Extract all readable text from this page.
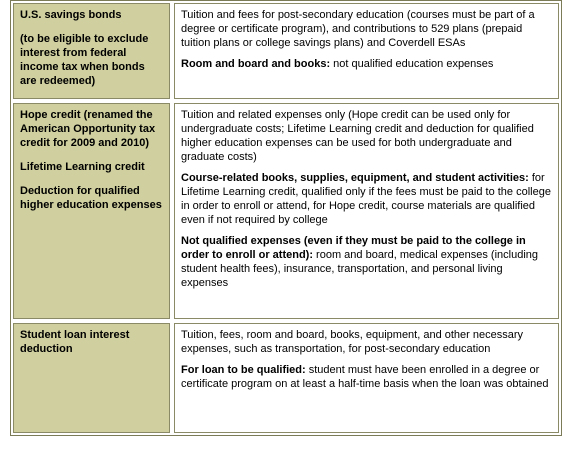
U.S. savings bonds

(to be eligible to exclude interest from federal income tax when bonds are redeemed)

Tuition and fees for post-secondary education (courses must be part of a degree or certificate program), and contributions to 529 plans (prepaid tuition plans or college savings plans) and Coverdell ESAs

Room and board and books: not qualified education expenses

Hope credit (renamed the American Opportunity tax credit for 2009 and 2010)

Lifetime Learning credit

Deduction for qualified higher education expenses

Tuition and related expenses only (Hope credit can be used only for undergraduate costs; Lifetime Learning credit and deduction for qualified higher education expenses can be used for both undergraduate and graduate costs)

Course-related books, supplies, equipment, and student activities: for Lifetime Learning credit, qualified only if the fees must be paid to the college in order to enroll or attend, for Hope credit, course materials are qualified even if not required by college

Not qualified expenses (even if they must be paid to the college in order to enroll or attend): room and board, medical expenses (including student health fees), insurance, transportation, and personal living expenses

Student loan interest deduction

Tuition, fees, room and board, books, equipment, and other necessary expenses, such as transportation, for post-secondary education

For loan to be qualified: student must have been enrolled in a degree or certificate program on at least a half-time basis when the loan was obtained
